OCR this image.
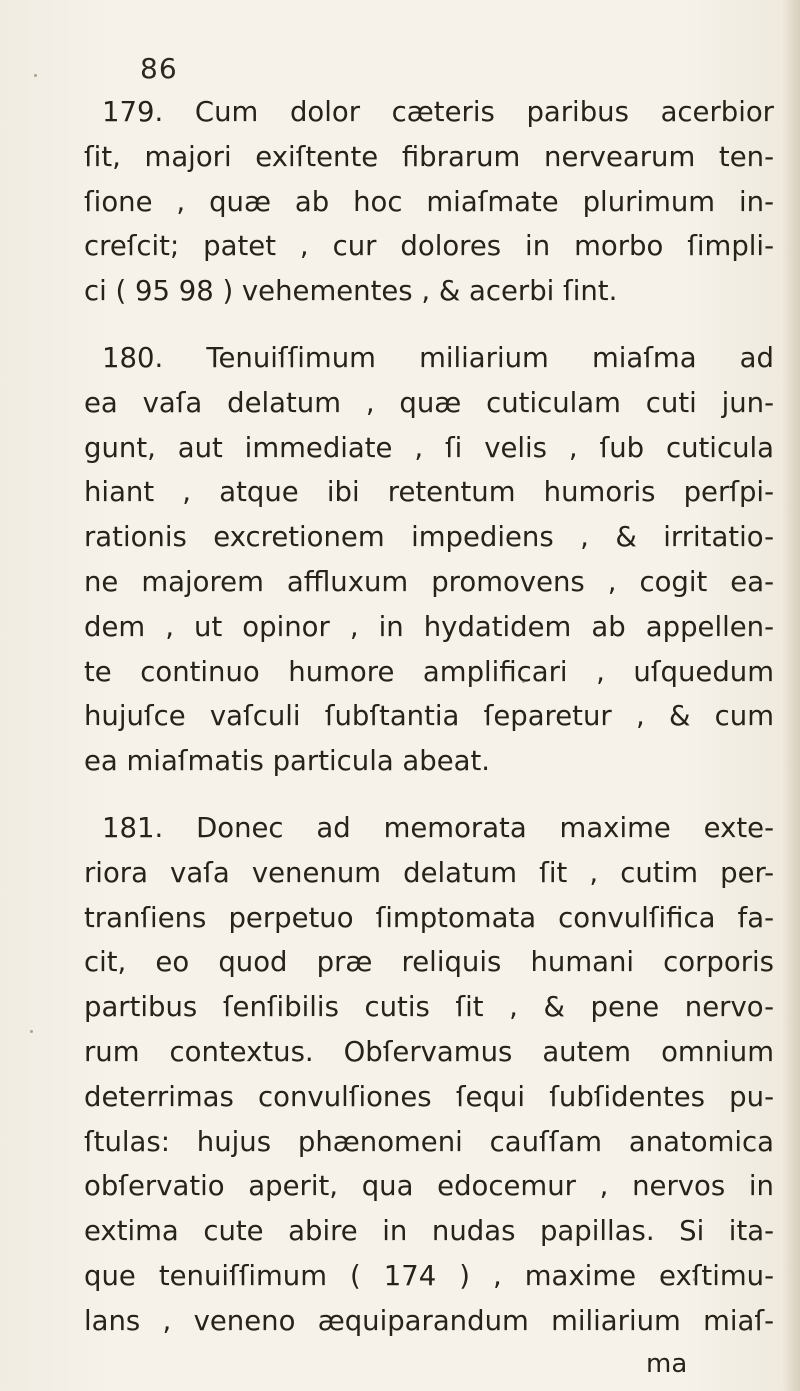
86

179. Cum dolor cæteris paribus acerbior
ſit, majori exiſtente fibrarum nervearum ten-
ſione , quæ ab hoc miaſmate plurimum in-
creſcit; patet , cur dolores in morbo ſimpli-
ci ( 95 98 ) vehementes , & acerbi ſint.
180. Tenuiſſimum miliarium miaſma ad
ea vaſa delatum , quæ cuticulam cuti jun-
gunt, aut immediate , ſi velis , ſub cuticula
hiant , atque ibi retentum humoris perſpi-
rationis excretionem impediens , & irritatio-
ne majorem affluxum promovens , cogit ea-
dem , ut opinor , in hydatidem ab appellen-
te continuo humore amplificari , uſquedum
hujuſce vaſculi ſubſtantia ſeparetur , & cum
ea miaſmatis particula abeat.
181. Donec ad memorata maxime exte-
riora vaſa venenum delatum ſit , cutim per-
tranſiens perpetuo ſimptomata convulſifica fa-
cit, eo quod præ reliquis humani corporis
partibus ſenſibilis cutis ſit , & pene nervo-
rum contextus. Obſervamus autem omnium
deterrimas convulſiones ſequi ſubſidentes pu-
ſtulas: hujus phænomeni cauſſam anatomica
obſervatio aperit, qua edocemur , nervos in
extima cute abire in nudas papillas. Si ita-
que tenuiſſimum ( 174 ) , maxime exſtimu-
lans , veneno æquiparandum miliarium miaſ-
ma
